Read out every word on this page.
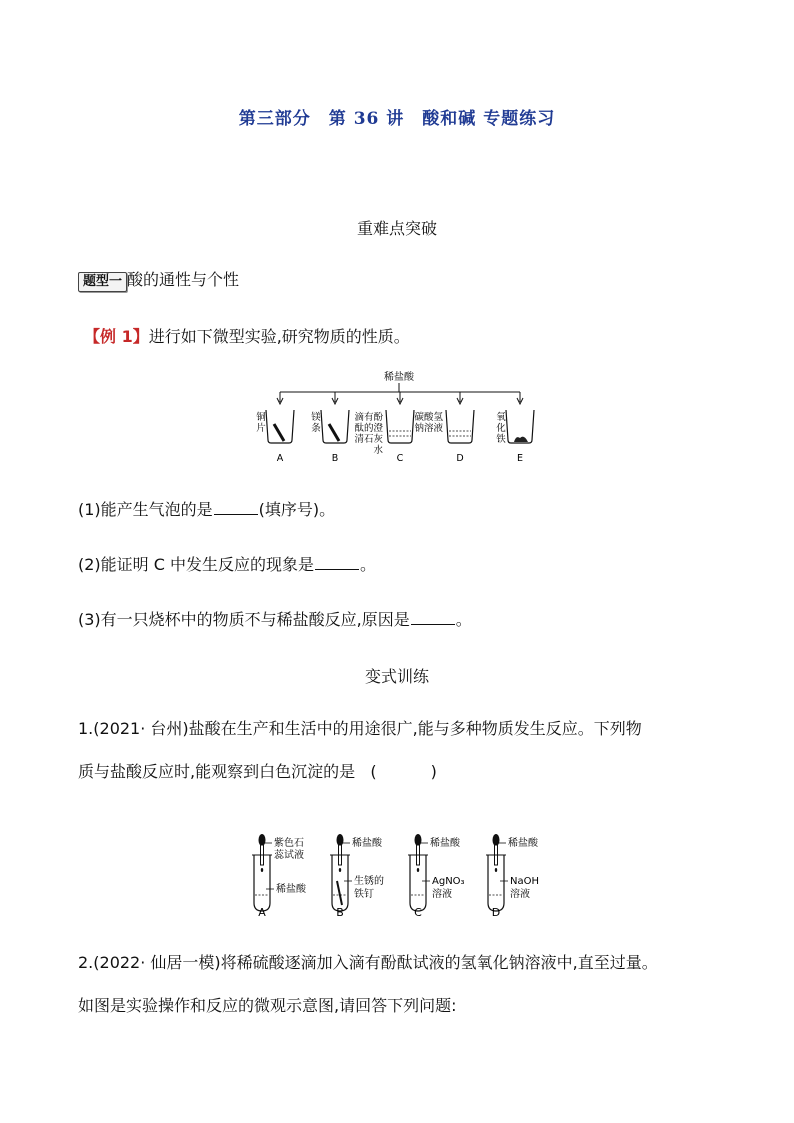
第三部分 第 36 讲 酸和碱 专题练习
重难点突破
题型一 酸的通性与个性
【例 1】进行如下微型实验,研究物质的性质。
稀盐酸
铜
片
A
镁
条
B
滴有酚
酞的澄
清石灰
水
C
碳酸氢
钠溶液
D
氧
化
铁
E
(1)能产生气泡的是	(填序号)。
(2)能证明 C 中发生反应的现象是	。
(3)有一只烧杯中的物质不与稀盐酸反应,原因是	。
变式训练
1.(2021· 台州)盐酸在生产和生活中的用途很广,能与多种物质发生反应。下列物
质与盐酸反应时,能观察到白色沉淀的是 (	)
紫色石
蕊试液
稀盐酸
A
稀盐酸
生锈的
铁钉
B
稀盐酸
AgNO₃
溶液
C
稀盐酸
NaOH
溶液
D
2.(2022· 仙居一模)将稀硫酸逐滴加入滴有酚酞试液的氢氧化钠溶液中,直至过量。
如图是实验操作和反应的微观示意图,请回答下列问题:
